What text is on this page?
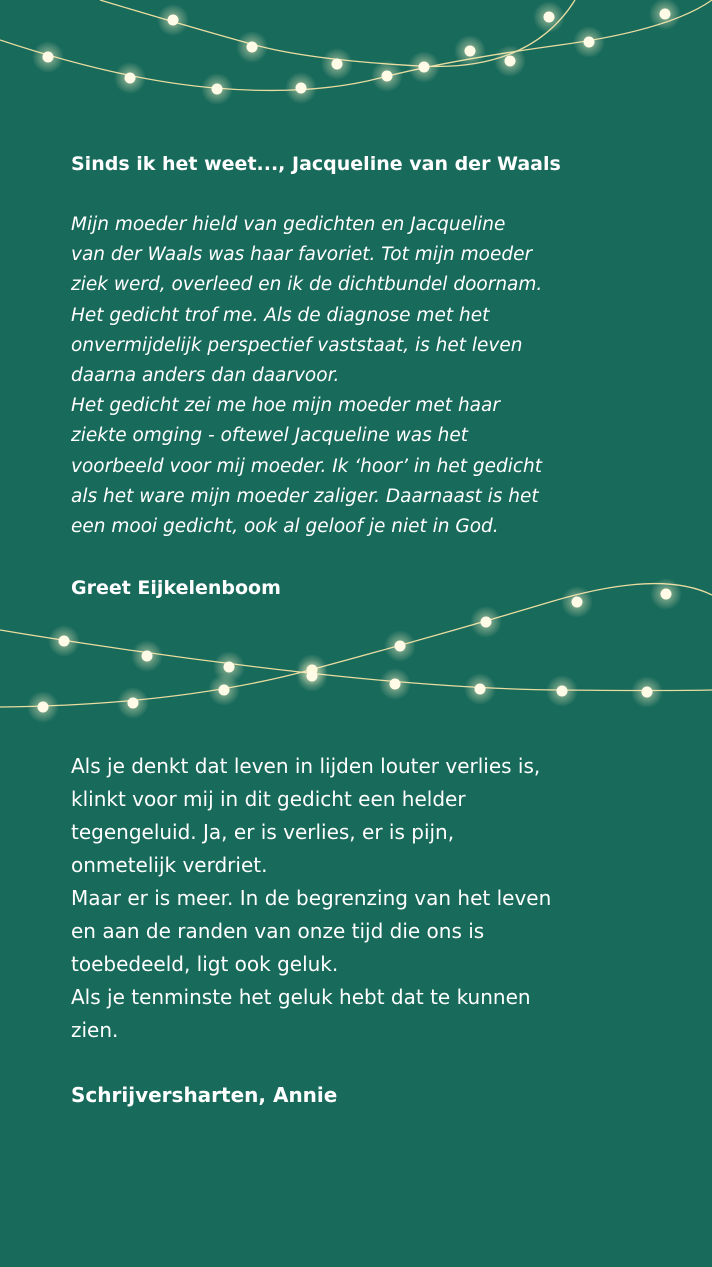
Sinds ik het weet..., Jacqueline van der Waals
Mijn moeder hield van gedichten en Jacqueline
van der Waals was haar favoriet. Tot mijn moeder
ziek werd, overleed en ik de dichtbundel doornam.
Het gedicht trof me. Als de diagnose met het
onvermijdelijk perspectief vaststaat, is het leven
daarna anders dan daarvoor.
Het gedicht zei me hoe mijn moeder met haar
ziekte omging - oftewel Jacqueline was het
voorbeeld voor mij moeder. Ik ‘hoor’ in het gedicht
als het ware mijn moeder zaliger. Daarnaast is het
een mooi gedicht, ook al geloof je niet in God.

Greet Eijkelenboom

Als je denkt dat leven in lijden louter verlies is,
klinkt voor mij in dit gedicht een helder
tegengeluid. Ja, er is verlies, er is pijn,
onmetelijk verdriet.
Maar er is meer. In de begrenzing van het leven
en aan de randen van onze tijd die ons is
toebedeeld, ligt ook geluk.
Als je tenminste het geluk hebt dat te kunnen
zien.

Schrijversharten, Annie
